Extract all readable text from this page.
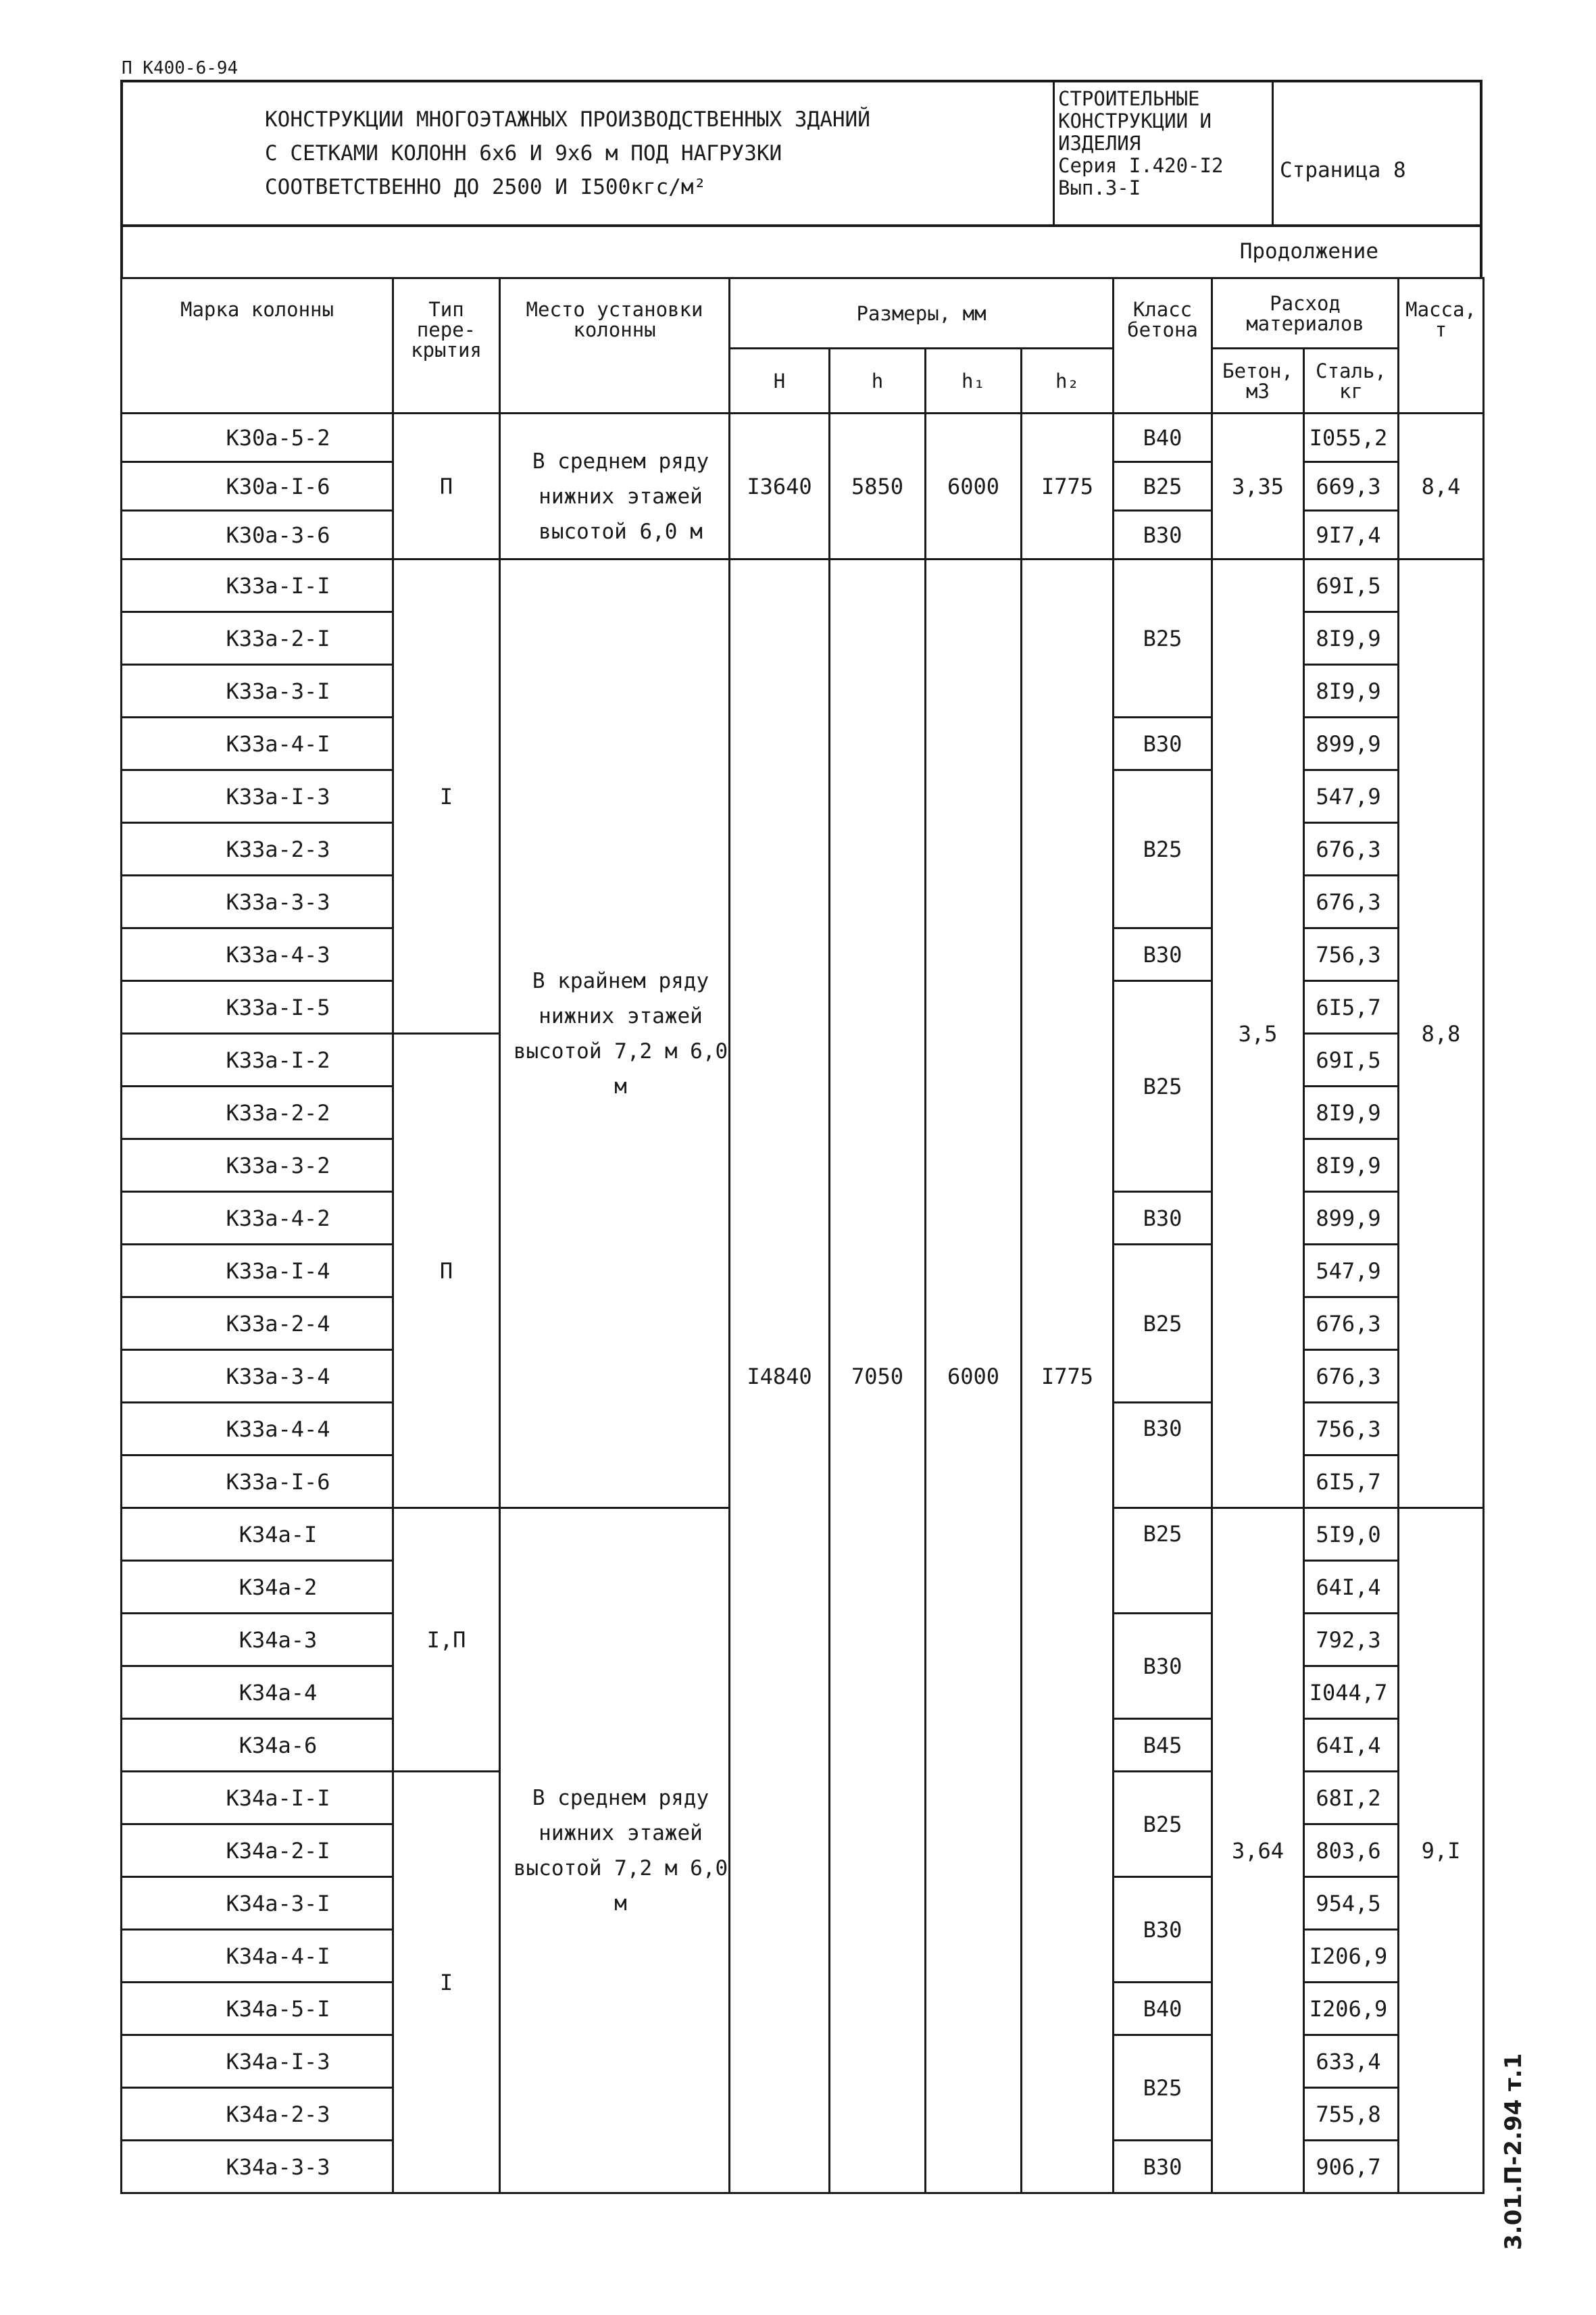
П К400-6-94
КОНСТРУКЦИИ МНОГОЭТАЖНЫХ ПРОИЗВОДСТВЕННЫХ ЗДАНИЙ
С СЕТКАМИ КОЛОНН 6х6 И 9х6 м ПОД НАГРУЗКИ
СООТВЕТСТВЕННО ДО 2500 И I500кгс/м²
СТРОИТЕЛЬНЫЕ
КОНСТРУКЦИИ И
ИЗДЕЛИЯ
Серия I.420-I2
Вып.3-I
Страница 8
Продолжение
Марка колонны	Тип пере- крытия	Место установки колонны	Размеры, мм				Класс бетона	Расход материалов		Масса, т
			Н	h	h₁	h₂		Бетон, м3	Сталь, кг	
К30а-5-2	П	В среднем ряду нижних этажей высотой 6,0 м	I3640	5850	6000	I775	В40	3,35	I055,2	8,4
К30а-I-6							В25		669,3	
К30а-3-6							В30		9I7,4	
К33а-I-I	I	В крайнем ряду нижних этажей высотой 7,2 м 6,0 м	I4840	7050	6000	I775	В25	3,5	69I,5	8,8
К33а-2-I									8I9,9	
К33а-3-I									8I9,9	
К33а-4-I							В30		899,9	
К33а-I-3							В25		547,9	
К33а-2-3									676,3	
К33а-3-3									676,3	
К33а-4-3							В30		756,3	
К33а-I-5							В25		6I5,7	
К33а-I-2	П								69I,5	
К33а-2-2									8I9,9	
К33а-3-2									8I9,9	
К33а-4-2							В30		899,9	
К33а-I-4							В25		547,9	
К33а-2-4									676,3	
К33а-3-4									676,3	
К33а-4-4							В30		756,3	
К33а-I-6									6I5,7	
К34а-I	I,П	В среднем ряду нижних этажей высотой 7,2 м 6,0 м					В25	3,64	5I9,0	9,I
К34а-2									64I,4	
К34а-3							В30		792,3	
К34а-4									I044,7	
К34а-6							В45		64I,4	
К34а-I-I	I						В25		68I,2	
К34а-2-I									803,6	
К34а-3-I							В30		954,5	
К34а-4-I									I206,9	
К34а-5-I							В40		I206,9	
К34а-I-3							В25		633,4	
К34а-2-3									755,8	
К34а-3-3							В30		906,7		3.01.П-2.94 т.1
